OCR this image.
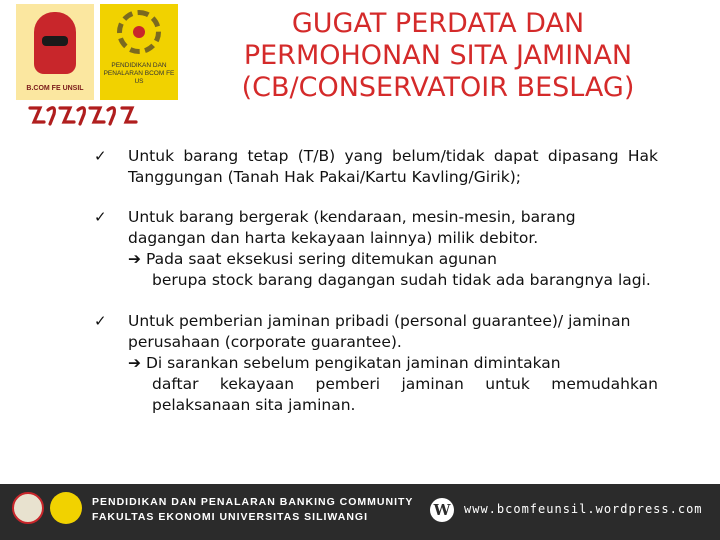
B.COM FE UNSIL
PENDIDIKAN DAN PENALARAN BCOM FE US
GUGAT PERDATA DAN
PERMOHONAN SITA JAMINAN
(CB/CONSERVATOIR BESLAG)
✓ Untuk barang tetap (T/B) yang belum/tidak dapat dipasang Hak Tanggungan (Tanah Hak Pakai/Kartu Kavling/Girik);
✓ Untuk barang bergerak (kendaraan, mesin-mesin, barang dagangan dan harta kekayaan lainnya) milik debitor.
➔ Pada saat eksekusi sering ditemukan agunan
berupa stock barang dagangan sudah tidak ada barangnya lagi.
✓ Untuk pemberian jaminan pribadi (personal guarantee)/ jaminan perusahaan (corporate guarantee).
➔ Di sarankan sebelum pengikatan jaminan dimintakan
daftar kekayaan pemberi jaminan untuk memudahkan pelaksanaan sita jaminan.
PENDIDIKAN DAN PENALARAN BANKING COMMUNITY
FAKULTAS EKONOMI UNIVERSITAS SILIWANGI	W www.bcomfeunsil.wordpress.com
